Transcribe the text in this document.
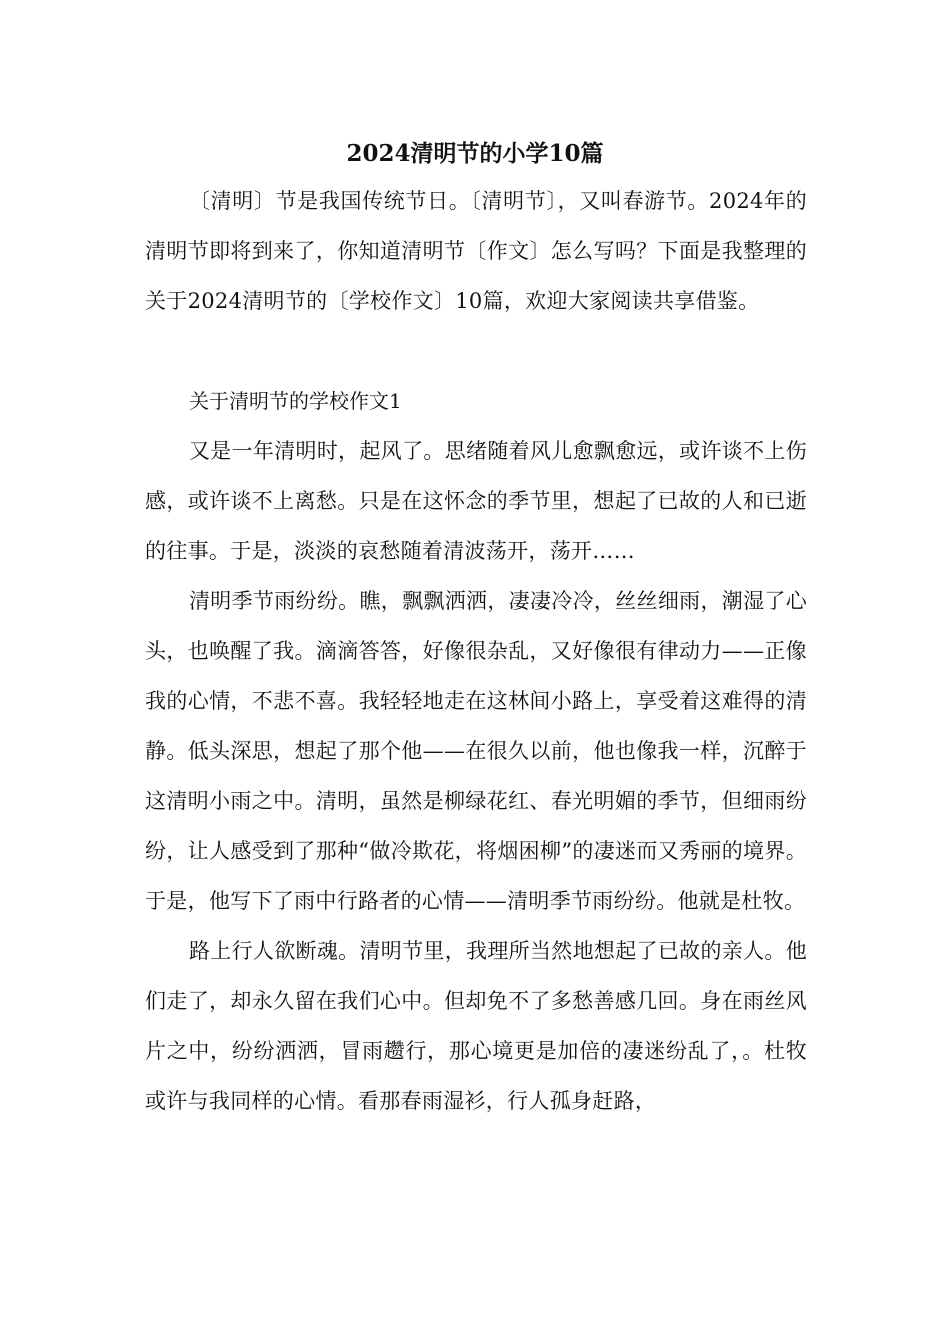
2024清明节的小学10篇

〔清明〕节是我国传统节日。〔清明节〕，又叫春游节。2024年的清明节即将到来了，你知道清明节〔作文〕怎么写吗？下面是我整理的关于2024清明节的〔学校作文〕10篇，欢迎大家阅读共享借鉴。

关于清明节的学校作文1

又是一年清明时，起风了。思绪随着风儿愈飘愈远，或许谈不上伤感，或许谈不上离愁。只是在这怀念的季节里，想起了已故的人和已逝的往事。于是，淡淡的哀愁随着清波荡开，荡开……

清明季节雨纷纷。瞧，飘飘洒洒，凄凄冷冷，丝丝细雨，潮湿了心头，也唤醒了我。滴滴答答，好像很杂乱，又好像很有律动力——正像我的心情，不悲不喜。我轻轻地走在这林间小路上，享受着这难得的清静。低头深思，想起了那个他——在很久以前，他也像我一样，沉醉于这清明小雨之中。清明，虽然是柳绿花红、春光明媚的季节，但细雨纷纷，让人感受到了那种“做冷欺花，将烟困柳”的凄迷而又秀丽的境界。于是，他写下了雨中行路者的心情——清明季节雨纷纷。他就是杜牧。

路上行人欲断魂。清明节里，我理所当然地想起了已故的亲人。他们走了，却永久留在我们心中。但却免不了多愁善感几回。身在雨丝风片之中，纷纷洒洒，冒雨趱行，那心境更是加倍的凄迷纷乱了，。杜牧或许与我同样的心情。看那春雨湿衫，行人孤身赶路，
